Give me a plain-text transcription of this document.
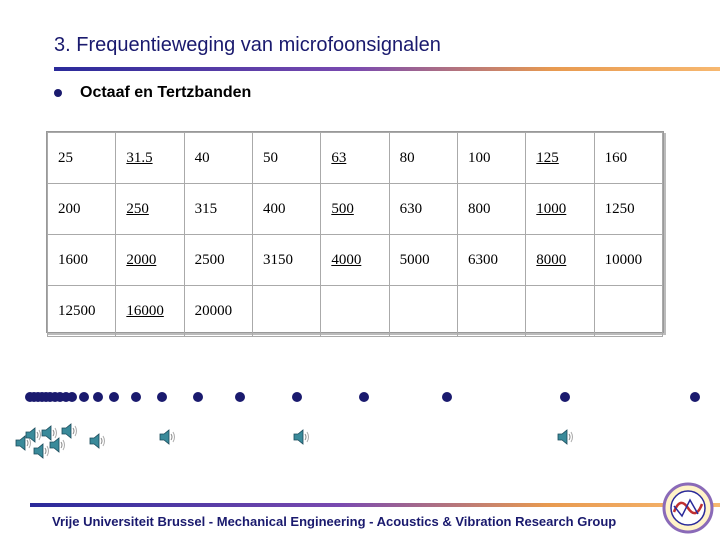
3. Frequentieweging van microfoonsignalen
Octaaf en Tertzbanden
25	31.5	40	50	63	80	100	125	160
200	250	315	400	500	630	800	1000	1250
1600	2000	2500	3150	4000	5000	6300	8000	10000
12500	16000	20000						
Vrije Universiteit Brussel - Mechanical Engineering - Acoustics & Vibration Research Group
